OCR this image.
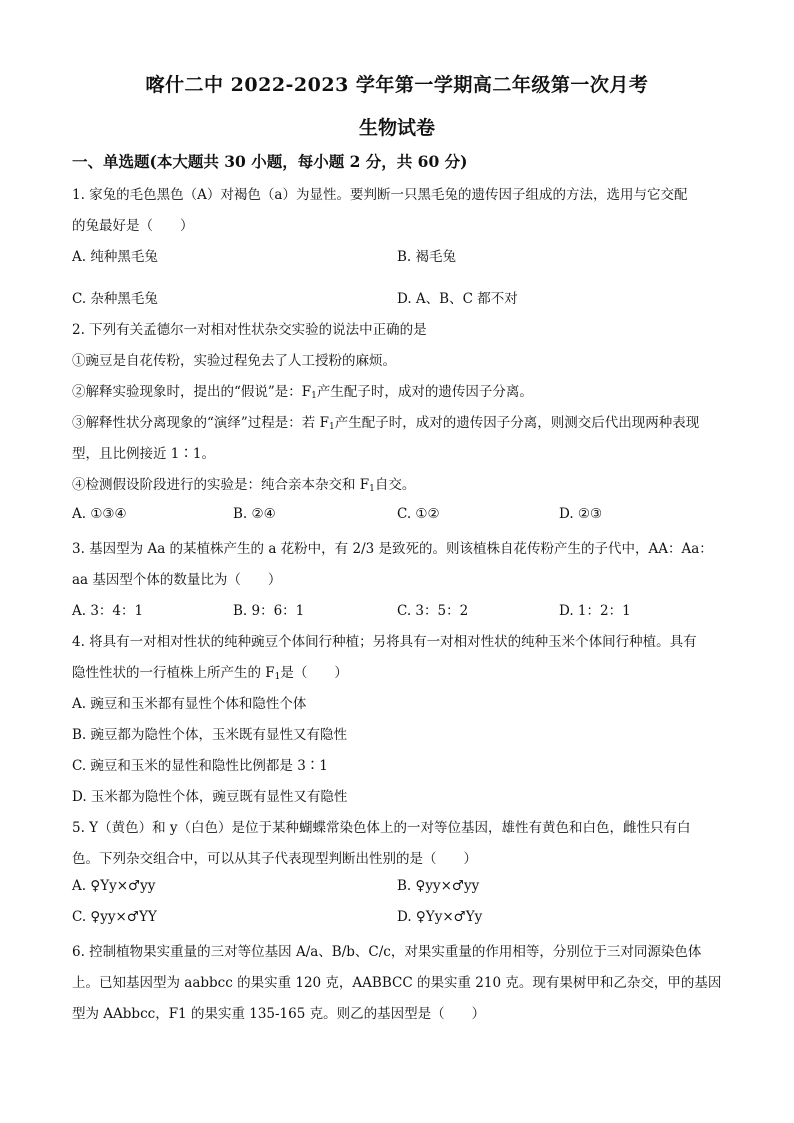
喀什二中 2022-2023 学年第一学期高二年级第一次月考
生物试卷
一、单选题(本大题共 30 小题，每小题 2 分，共 60 分)
1. 家兔的毛色黑色（A）对褐色（a）为显性。要判断一只黑毛兔的遗传因子组成的方法，选用与它交配
的兔最好是（　　）
A. 纯种黑毛兔	B. 褐毛兔
C. 杂种黑毛兔	D. A、B、C 都不对
2. 下列有关孟德尔一对相对性状杂交实验的说法中正确的是
①豌豆是自花传粉，实验过程免去了人工授粉的麻烦。
②解释实验现象时，提出的“假说”是：$F_1$产生配子时，成对的遗传因子分离。
③解释性状分离现象的“演绎”过程是：若 $F_1$产生配子时，成对的遗传因子分离，则测交后代出现两种表现
型，且比例接近 1∶1。
④检测假设阶段进行的实验是：纯合亲本杂交和 $F_1$自交。
A. ①③④	B. ②④	C. ①②	D. ②③
3. 基因型为 Aa 的某植株产生的 a 花粉中，有 2/3 是致死的。则该植株自花传粉产生的子代中，AA：Aa：
aa 基因型个体的数量比为（　　）
A. 3：4：1	B. 9：6：1	C. 3：5：2	D. 1：2：1
4. 将具有一对相对性状的纯种豌豆个体间行种植；另将具有一对相对性状的纯种玉米个体间行种植。具有
隐性性状的一行植株上所产生的 $F_1$是（　　）
A. 豌豆和玉米都有显性个体和隐性个体
B. 豌豆都为隐性个体，玉米既有显性又有隐性
C. 豌豆和玉米的显性和隐性比例都是 3∶1
D. 玉米都为隐性个体，豌豆既有显性又有隐性
5. Y（黄色）和 y（白色）是位于某种蝴蝶常染色体上的一对等位基因，雄性有黄色和白色，雌性只有白
色。下列杂交组合中，可以从其子代表现型判断出性别的是（　　）
A. ♀Yy×♂yy	B. ♀yy×♂yy
C. ♀yy×♂YY	D. ♀Yy×♂Yy
6. 控制植物果实重量的三对等位基因 A/a、B/b、C/c，对果实重量的作用相等，分别位于三对同源染色体
上。已知基因型为 aabbcc 的果实重 120 克，AABBCC 的果实重 210 克。现有果树甲和乙杂交，甲的基因
型为 AAbbcc，F1 的果实重 135-165 克。则乙的基因型是（　　）
